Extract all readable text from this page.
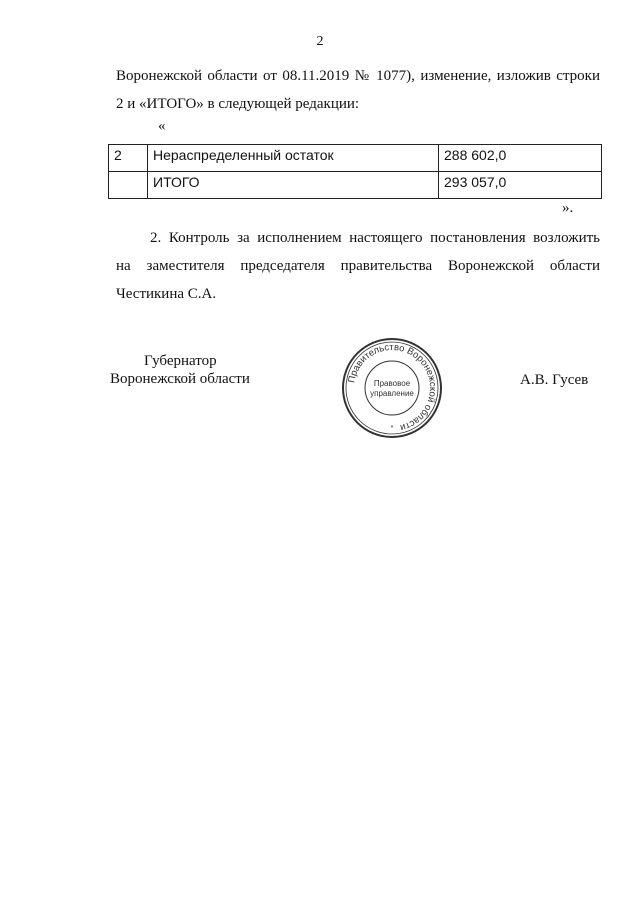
2
Воронежской области от 08.11.2019 № 1077), изменение, изложив строки
2 и «ИТОГО» в следующей редакции:
«
2	Нераспределенный остаток	288 602,0
	ИТОГО	293 057,0
».
2. Контроль за исполнением настоящего постановления возложить
на заместителя председателя правительства Воронежской области
Честикина С.А.
Губернатор
Воронежской области	Правительство Воронежской области
Правовое
управление
*
А.В. Гусев
